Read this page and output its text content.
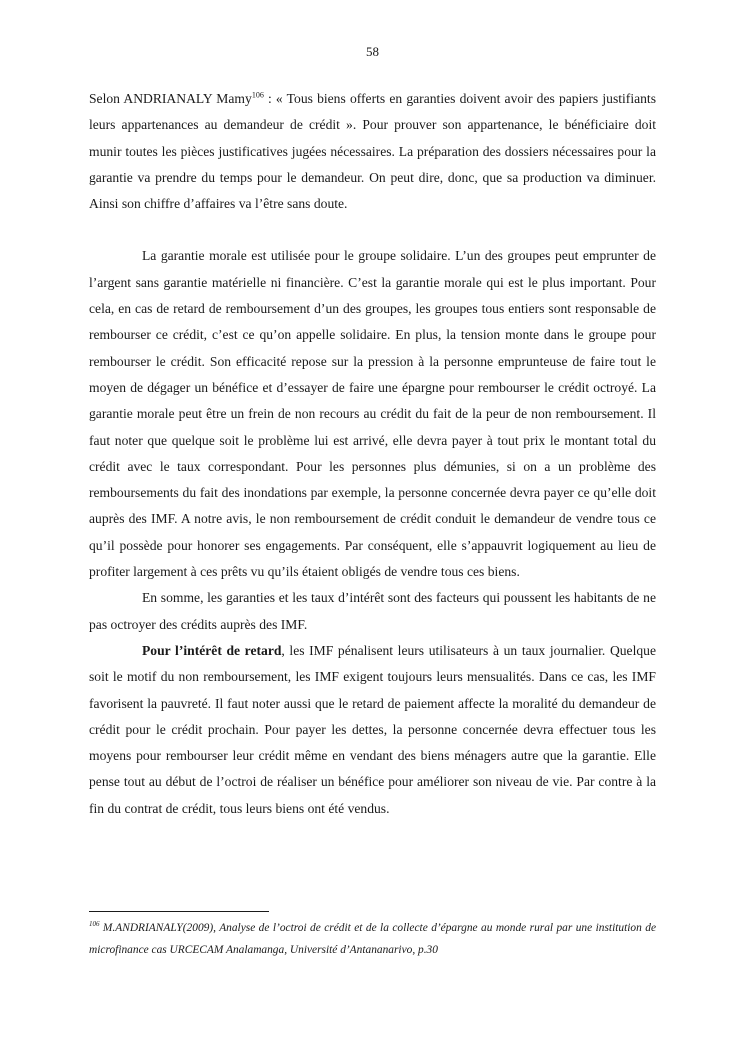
58

Selon ANDRIANALY Mamy$^{106}$ : « Tous biens offerts en garanties doivent avoir des papiers justifiants leurs appartenances au demandeur de crédit ». Pour prouver son appartenance, le bénéficiaire doit munir toutes les pièces justificatives jugées nécessaires. La préparation des dossiers nécessaires pour la garantie va prendre du temps pour le demandeur. On peut dire, donc, que sa production va diminuer. Ainsi son chiffre d’affaires va l’être sans doute.

La garantie morale est utilisée pour le groupe solidaire. L’un des groupes peut emprunter de l’argent sans garantie matérielle ni financière. C’est la garantie morale qui est le plus important. Pour cela, en cas de retard de remboursement d’un des groupes, les groupes tous entiers sont responsable de rembourser ce crédit, c’est ce qu’on appelle solidaire. En plus, la tension monte dans le groupe pour rembourser le crédit. Son efficacité repose sur la pression à la personne emprunteuse de faire tout le moyen de dégager un bénéfice et d’essayer de faire une épargne pour rembourser le crédit octroyé. La garantie morale peut être un frein de non recours au crédit du fait de la peur de non remboursement. Il faut noter que quelque soit le problème lui est arrivé, elle devra payer à tout prix le montant total du crédit avec le taux correspondant. Pour les personnes plus démunies, si on a un problème des remboursements du fait des inondations par exemple, la personne concernée devra payer ce qu’elle doit auprès des IMF. A notre avis, le non remboursement de crédit conduit le demandeur de vendre tous ce qu’il possède pour honorer ses engagements. Par conséquent, elle s’appauvrit logiquement au lieu de profiter largement à ces prêts vu qu’ils étaient obligés de vendre tous ces biens.

En somme, les garanties et les taux d’intérêt sont des facteurs qui poussent les habitants de ne pas octroyer des crédits auprès des IMF.

Pour l’intérêt de retard, les IMF pénalisent leurs utilisateurs à un taux journalier. Quelque soit le motif du non remboursement, les IMF exigent toujours leurs mensualités. Dans ce cas, les IMF favorisent la pauvreté. Il faut noter aussi que le retard de paiement affecte la moralité du demandeur de crédit pour le crédit prochain. Pour payer les dettes, la personne concernée devra effectuer tous les moyens pour rembourser leur crédit même en vendant des biens ménagers autre que la garantie. Elle pense tout au début de l’octroi de réaliser un bénéfice pour améliorer son niveau de vie. Par contre à la fin du contrat de crédit, tous leurs biens ont été vendus.

$^{106}$ M.ANDRIANALY(2009), Analyse de l’octroi de crédit et de la collecte d’épargne au monde rural par une institution de microfinance cas URCECAM Analamanga, Université d’Antananarivo, p.30
